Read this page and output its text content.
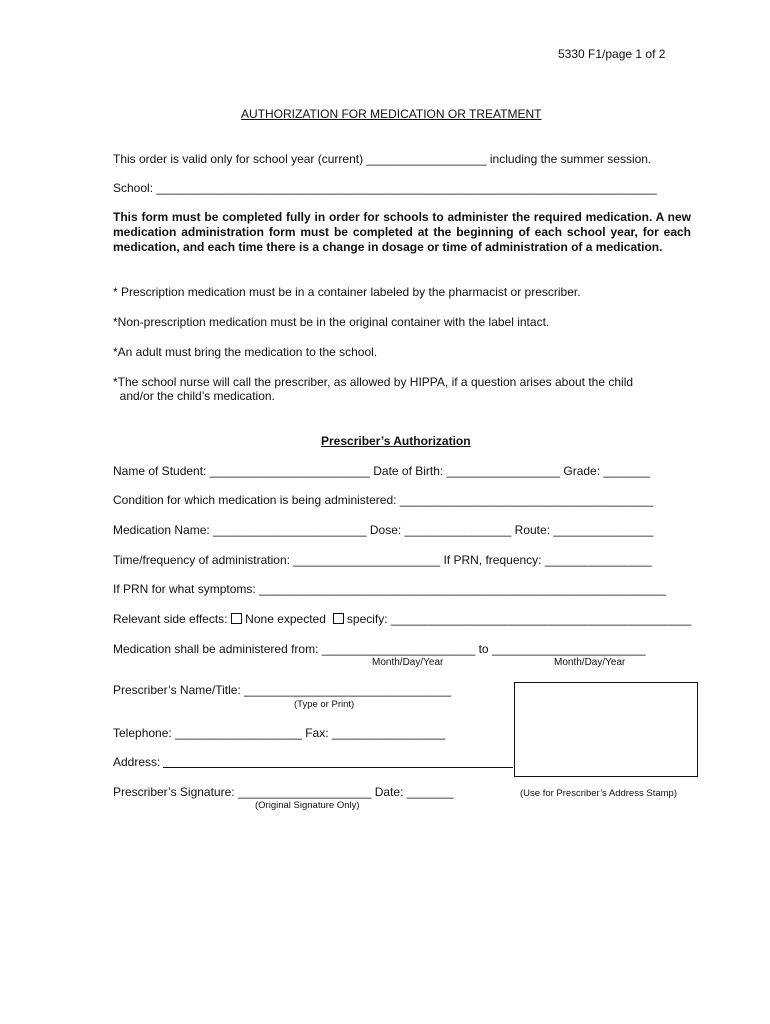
5330 F1/page 1 of 2
AUTHORIZATION FOR MEDICATION OR TREATMENT
This order is valid only for school year (current) __________________ including the summer session.
School: ___________________________________________________________________________
This form must be completed fully in order for schools to administer the required medication. A new medication administration form must be completed at the beginning of each school year, for each medication, and each time there is a change in dosage or time of administration of a medication.
* Prescription medication must be in a container labeled by the pharmacist or prescriber.
*Non-prescription medication must be in the original container with the label intact.
*An adult must bring the medication to the school.
*The school nurse will call the prescriber, as allowed by HIPPA, if a question arises about the child
and/or the child’s medication.
Prescriber’s Authorization
Name of Student: ________________________ Date of Birth: _________________ Grade: _______
Condition for which medication is being administered: ______________________________________
Medication Name: _______________________ Dose: ________________ Route: _______________
Time/frequency of administration: ______________________ If PRN, frequency: ________________
If PRN for what symptoms: _____________________________________________________________
Relevant side effects:  None expected   specify: _____________________________________________
Medication shall be administered from: _______________________ to _______________________
Month/Day/Year	Month/Day/Year
Prescriber’s Name/Title: _______________________________
(Type or Print)
Telephone: ___________________ Fax: _________________
Address:
Prescriber’s Signature: ____________________ Date: _______
(Original Signature Only)
(Use for Prescriber’s Address Stamp)
